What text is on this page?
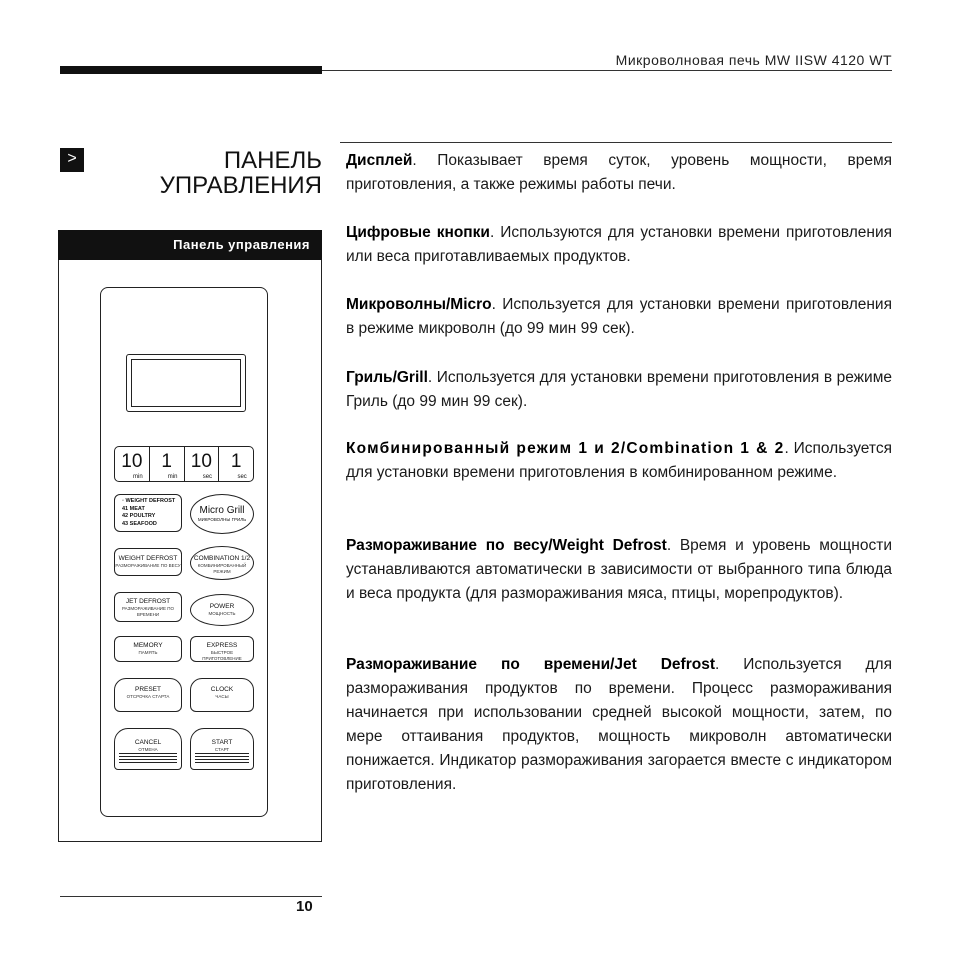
Микроволновая печь MW IISW 4120 WT
>	ПАНЕЛЬ
УПРАВЛЕНИЯ
Панель управления
10
min
1
min
10
sec
1
sec
◦ WEIGHT DEFROST
41 MEAT
42 POULTRY
43 SEAFOOD
Micro Grill
МИКРОВОЛНЫ ГРИЛЬ
WEIGHT DEFROST
РАЗМОРАЖИВАНИЕ ПО ВЕСУ
COMBINATION 1/2
КОМБИНИРОВАННЫЙ РЕЖИМ
JET DEFROST
РАЗМОРАЖИВАНИЕ ПО ВРЕМЕНИ
POWER
МОЩНОСТЬ
MEMORY
ПАМЯТЬ
EXPRESS
БЫСТРОЕ ПРИГОТОВЛЕНИЕ
PRESET
ОТСРОЧКА СТАРТА
CLOCK
ЧАСЫ
CANCEL
ОТМЕНА
START
СТАРТ

Дисплей. Показывает время суток, уровень мощности, время приготовления, а также режимы работы печи.

Цифровые кнопки. Используются для установки времени приготовления или веса приготавливаемых продуктов.

Микроволны/Micro. Используется для установки времени приготовления в режиме микроволн (до 99 мин 99 сек).

Гриль/Grill. Используется для установки времени приготовления в режиме Гриль (до 99 мин 99 сек).

Комбинированный режим 1 и 2/Combination 1 & 2. Используется для установки времени приготовления в комбинированном режиме.

Размораживание по весу/Weight Defrost. Время и уровень мощности устанавливаются автоматически в зависимости от выбранного типа блюда и веса продукта (для размораживания мяса, птицы, морепродуктов).

Размораживание по времени/Jet Defrost. Используется для размораживания продуктов по времени. Процесс размораживания начинается при использовании средней высокой мощности, затем, по мере оттаивания продуктов, мощность микроволн автоматически понижается. Индикатор размораживания загорается вместе с индикатором приготовления.

10
